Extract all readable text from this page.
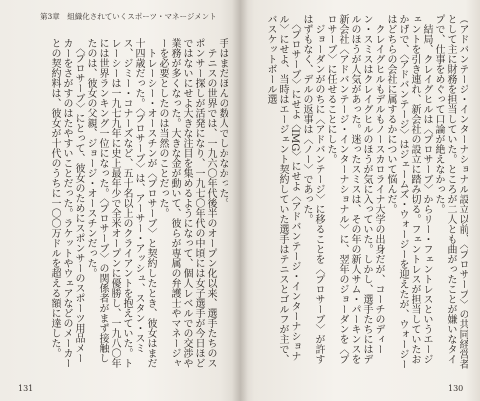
第3章　組織化されていくスポーツ・マネージメント

手はまだほんの数人でしかなかった。

　テニスの世界では、一九六〇年代後半のオープン化以来、選手たちのスポンサー探しが活発になり、一九七〇年代の中頃には女子選手が今日ほどではないにせよ大きな注目を集めるようになって、個人レベルでの交渉や業務が多くなった。大きな金が動いて、彼らが専属の弁護士やマネージャーを必要としたのは当然のことだった。

　トレーシー・オースチンが〈プロサーブ〉と契約したとき、彼女はまだ十四歳だった。〈プロサーブ〉は、アーサー・アッシュ、スタン・スミス、ジミー・コナーズなど、五十名以上のクライアントを抱えていた。トレーシーは一九七九年に史上最年少で全米オープンに優勝し、一九八〇年には世界ランキング一位になった。〈プロサーブ〉の関係者がまず接触したのは、彼女の父親、ジョージ・オースチンだった。

　〈プロサーブ〉にとって、彼女のためにスポンサーのスポーツ用品メーカーをさがすのはたやすいことだった。ラケットやウェアなどのメーカーとの契約料は、彼女が十代のうちに一〇〇万ドルを超える額に達した。

131

（アドバンテージ・インターナショナル設立以前、〈プロサーブ〉の共同経営者として主に財務を担当していた。ところが二人とも曲がったことが嫌いなタイプで、仕事をめぐって口論が絶えなかった。

　結局、クレイグヒルは〈プロサーブ〉からリー・フェントレスというエージェントを引き連れ、新会社の設立に踏み切る。フェントレスが担当していたおかげで、〈アドバンテージ〉はジェームズ・ウォージーを迎えたが、ウォージーはどちらの会社に属するかについて悩んだ。

　クレイグヒルもデルもノースカロライナ大学の出身だが、コーチのディーン・スミスはクレイグヒルのほうが気に入っていた。しかし、選手たちにはデルのほうが人気があった。迷ったスミスは、その年の新人サム・パーキンスを新会社〈アドバンテージ・インターナショナル〉に、翌年のジョーダンを〈プロサーブ〉に任せることにした。

　ジョーダンがのちに〈アドバンテージ〉に移ることを〈プロサーブ〉が許すはずもなく、デルの返事は〈ノー〉であった。

　〈プロサーブ〉にせよ〈IMG〉にせよ〈アドバンテージ・インターナショナル〉にせよ、当時はエージェント契約していた選手はテニスとゴルフが主で、バスケットボール選

130
